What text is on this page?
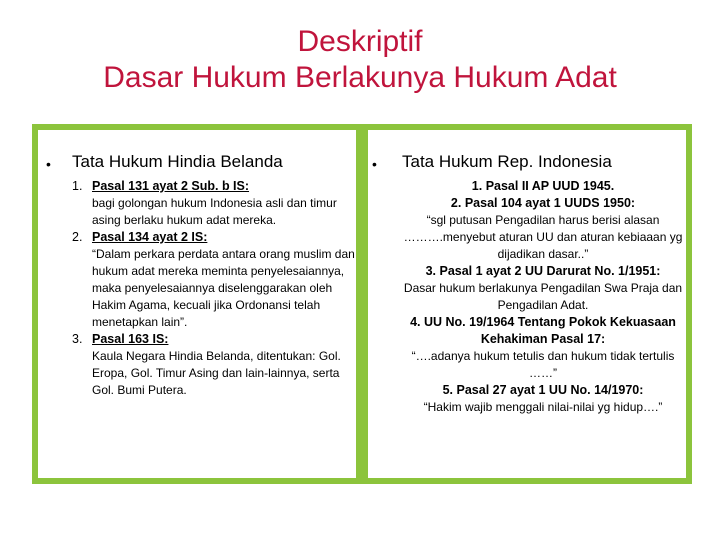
Deskriptif
Dasar Hukum Berlakunya Hukum Adat
• Tata Hukum Hindia Belanda
1. Pasal 131 ayat 2 Sub. b IS:
bagi golongan hukum Indonesia asli dan timur asing berlaku hukum adat mereka.
2. Pasal 134 ayat 2 IS:
“Dalam perkara perdata antara orang muslim dan hukum adat mereka meminta penyelesaiannya, maka penyelesaiannya diselenggarakan oleh Hakim Agama, kecuali jika Ordonansi telah menetapkan lain”.
3. Pasal 163 IS:
Kaula Negara Hindia Belanda, ditentukan: Gol. Eropa, Gol. Timur Asing dan lain-lainnya, serta Gol. Bumi Putera.
• Tata Hukum Rep. Indonesia
1. Pasal II AP UUD 1945.
2. Pasal 104 ayat 1 UUDS 1950:
“sgl putusan Pengadilan harus berisi alasan ……….menyebut aturan UU dan aturan kebiaaan yg dijadikan dasar..”
3. Pasal 1 ayat 2 UU Darurat No. 1/1951:
Dasar hukum berlakunya Pengadilan Swa Praja dan Pengadilan Adat.
4. UU No. 19/1964 Tentang Pokok Kekuasaan Kehakiman Pasal 17:
“….adanya hukum tetulis dan hukum tidak tertulis ……”
5. Pasal 27 ayat 1 UU No. 14/1970:
“Hakim wajib menggali nilai-nilai yg hidup….”
